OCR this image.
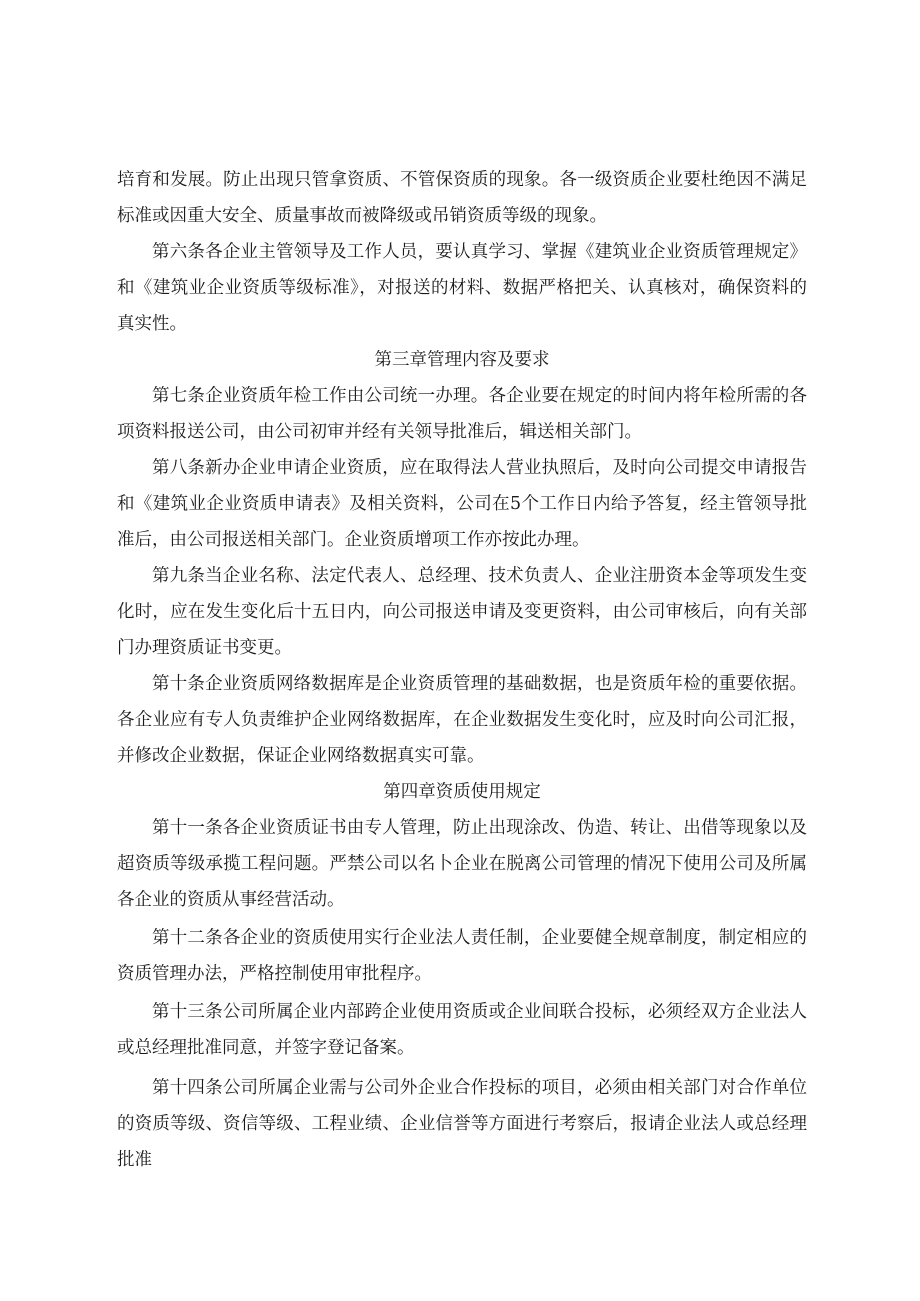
培育和发展。防止出现只管拿资质、不管保资质的现象。各一级资质企业要杜绝因不满足标准或因重大安全、质量事故而被降级或吊销资质等级的现象。

第六条各企业主管领导及工作人员，要认真学习、掌握《建筑业企业资质管理规定》和《建筑业企业资质等级标准》，对报送的材料、数据严格把关、认真核对，确保资料的真实性。

第三章管理内容及要求

第七条企业资质年检工作由公司统一办理。各企业要在规定的时间内将年检所需的各项资料报送公司，由公司初审并经有关领导批准后，辑送相关部门。

第八条新办企业申请企业资质，应在取得法人营业执照后，及时向公司提交申请报告和《建筑业企业资质申请表》及相关资料，公司在5个工作日内给予答复，经主管领导批准后，由公司报送相关部门。企业资质增项工作亦按此办理。

第九条当企业名称、法定代表人、总经理、技术负责人、企业注册资本金等项发生变化时，应在发生变化后十五日内，向公司报送申请及变更资料，由公司审核后，向有关部门办理资质证书变更。

第十条企业资质网络数据库是企业资质管理的基础数据，也是资质年检的重要依据。各企业应有专人负责维护企业网络数据库，在企业数据发生变化时，应及时向公司汇报，并修改企业数据，保证企业网络数据真实可靠。

第四章资质使用规定

第十一条各企业资质证书由专人管理，防止出现涂改、伪造、转让、出借等现象以及超资质等级承揽工程问题。严禁公司以名卜企业在脱离公司管理的情况下使用公司及所属各企业的资质从事经营活动。

第十二条各企业的资质使用实行企业法人责任制，企业要健全规章制度，制定相应的资质管理办法，严格控制使用审批程序。

第十三条公司所属企业内部跨企业使用资质或企业间联合投标，必须经双方企业法人或总经理批准同意，并签字登记备案。

第十四条公司所属企业需与公司外企业合作投标的项目，必须由相关部门对合作单位的资质等级、资信等级、工程业绩、企业信誉等方面进行考察后，报请企业法人或总经理批准
